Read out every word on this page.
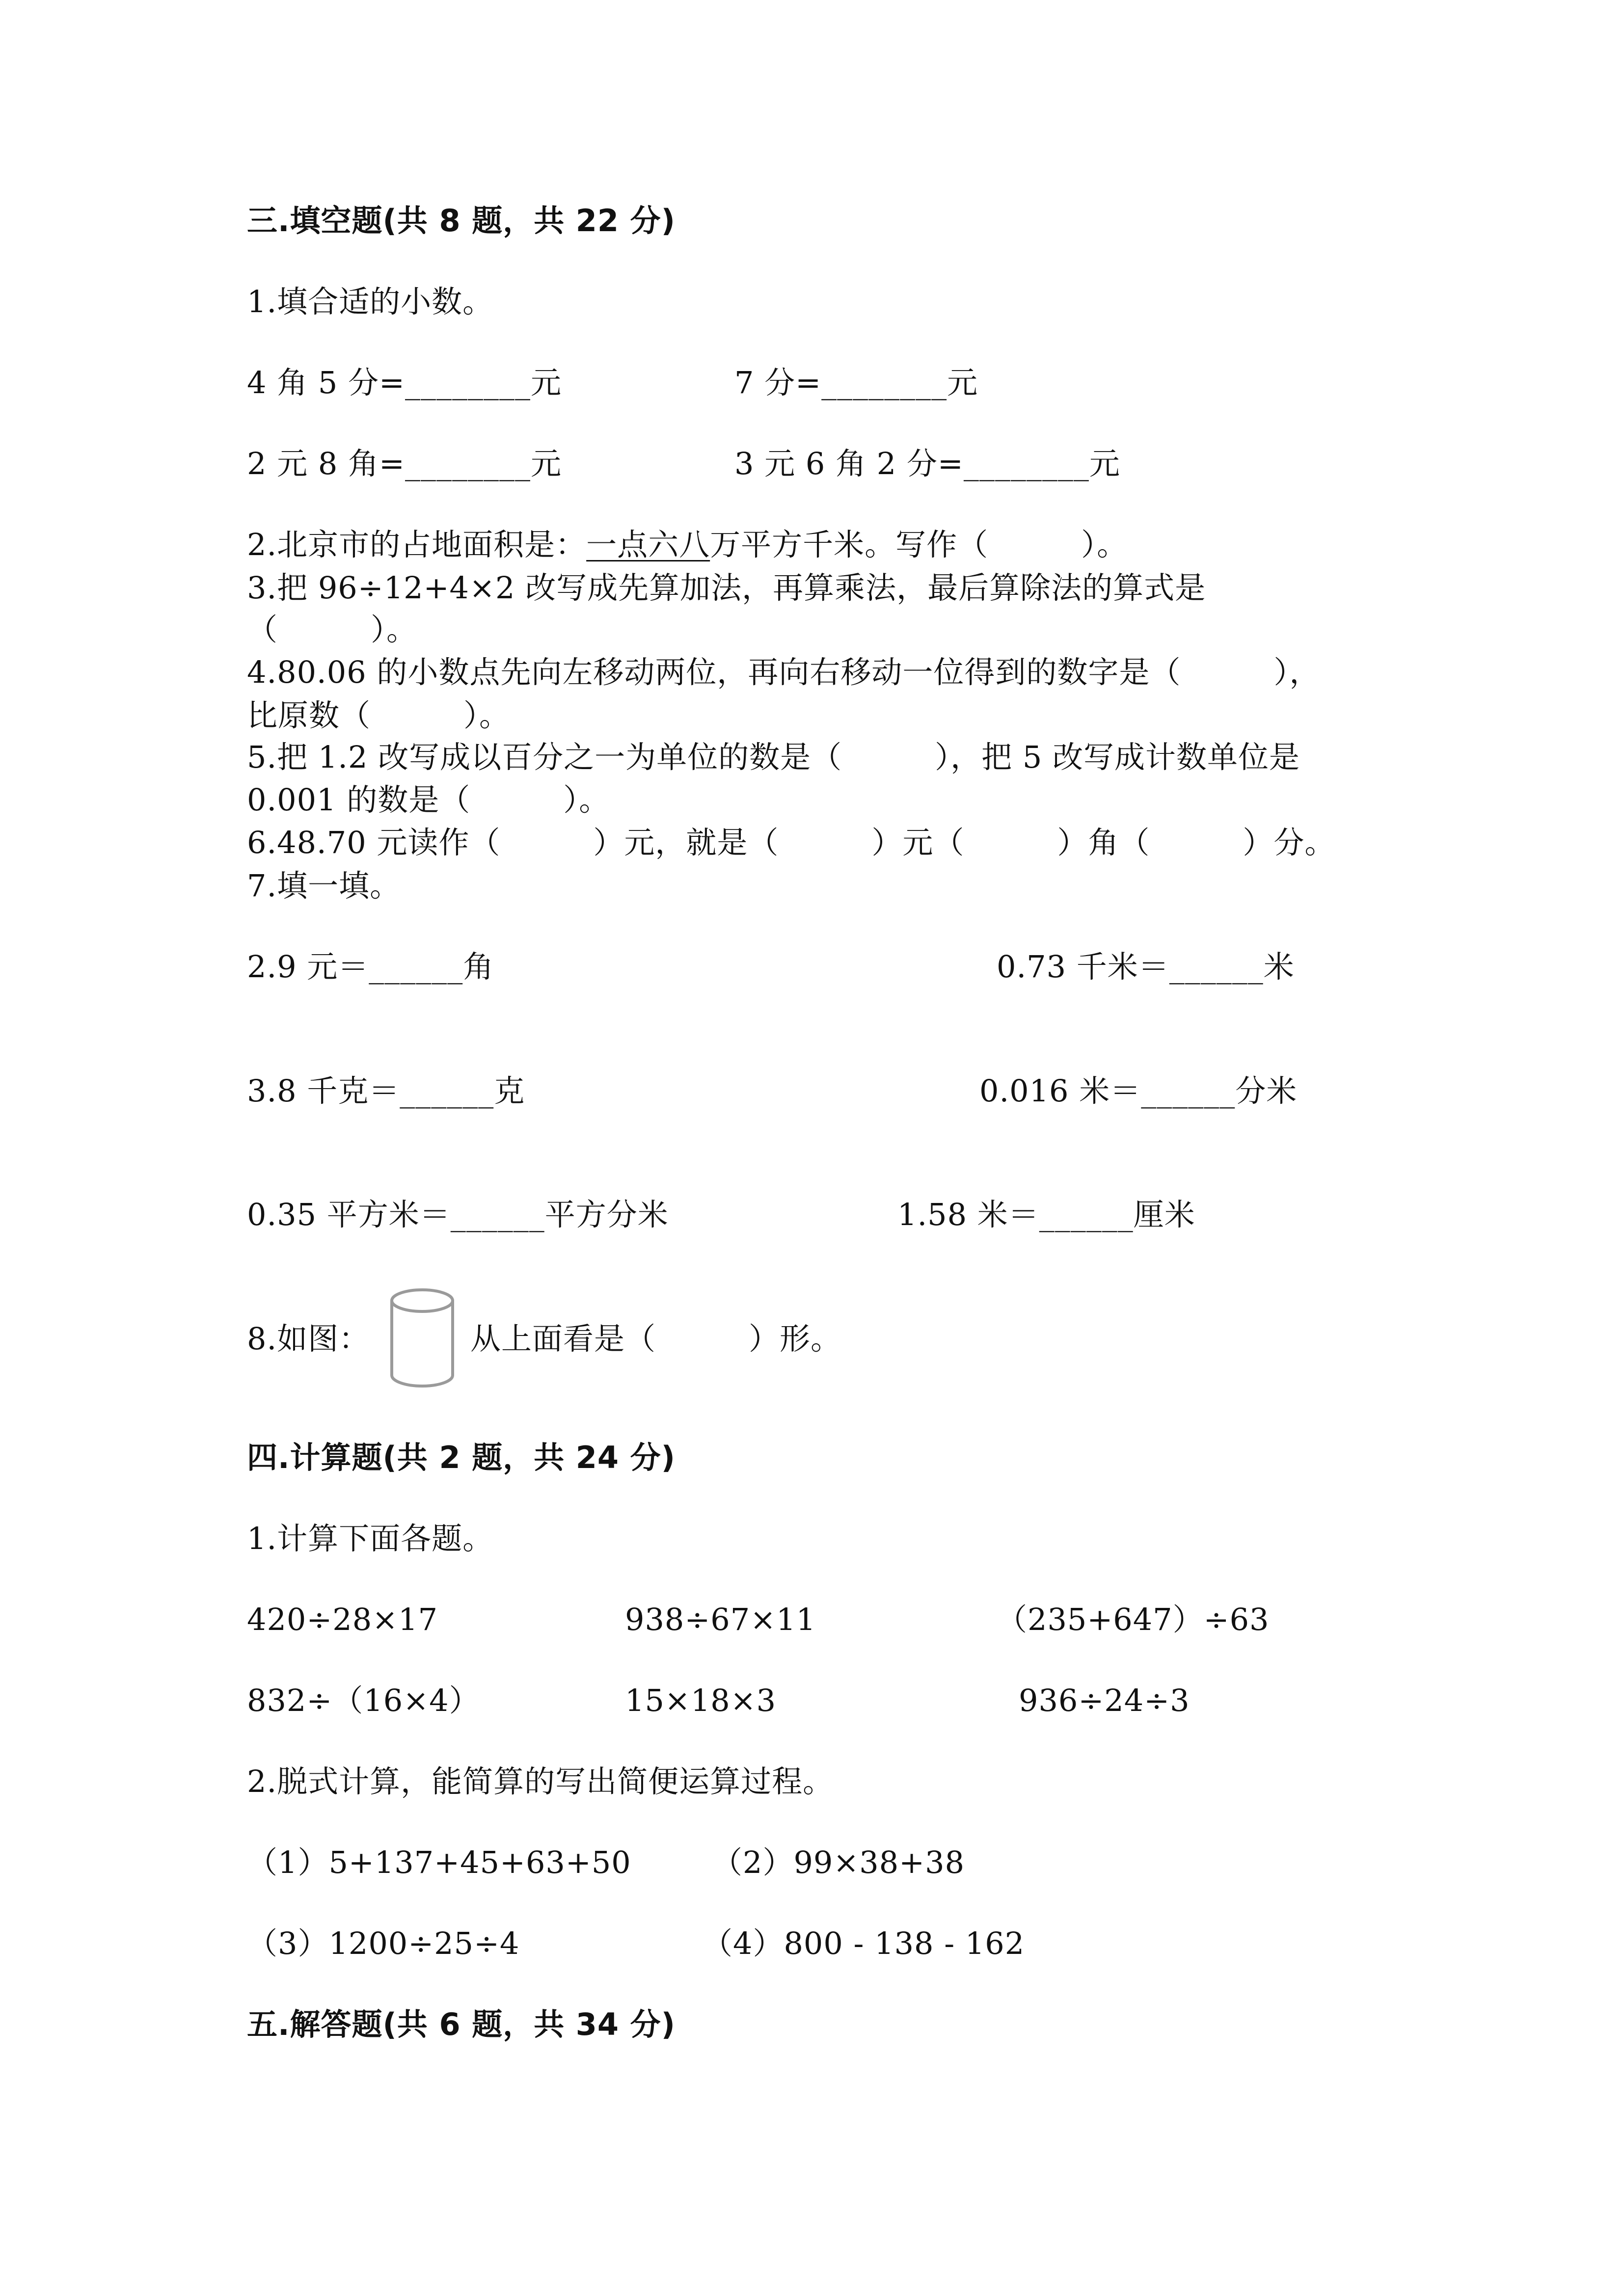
三.填空题(共 8 题，共 22 分)
1.填合适的小数。
4 角 5 分=________元	7 分=________元
2 元 8 角=________元	3 元 6 角 2 分=________元
2.北京市的占地面积是：一点六八万平方千米。写作（　　　）。
3.把 96÷12+4×2 改写成先算加法，再算乘法，最后算除法的算式是
（　　　）。
4.80.06 的小数点先向左移动两位，再向右移动一位得到的数字是（　　　），
比原数（　　　）。
5.把 1.2 改写成以百分之一为单位的数是（　　　），把 5 改写成计数单位是
0.001 的数是（　　　）。
6.48.70 元读作（　　　）元，就是（　　　）元（　　　）角（　　　）分。
7.填一填。
2.9 元＝______角	0.73 千米＝______米
3.8 千克＝______克	0.016 米＝______分米
0.35 平方米＝______平方分米	1.58 米＝______厘米
8.如图：	从上面看是（　　　）形。
四.计算题(共 2 题，共 24 分)
1.计算下面各题。
420÷28×17	938÷67×11	（235+647）÷63
832÷（16×4）	15×18×3	936÷24÷3
2.脱式计算，能简算的写出简便运算过程。
（1）5+137+45+63+50	（2）99×38+38
（3）1200÷25÷4	（4）800 - 138 - 162
五.解答题(共 6 题，共 34 分)
